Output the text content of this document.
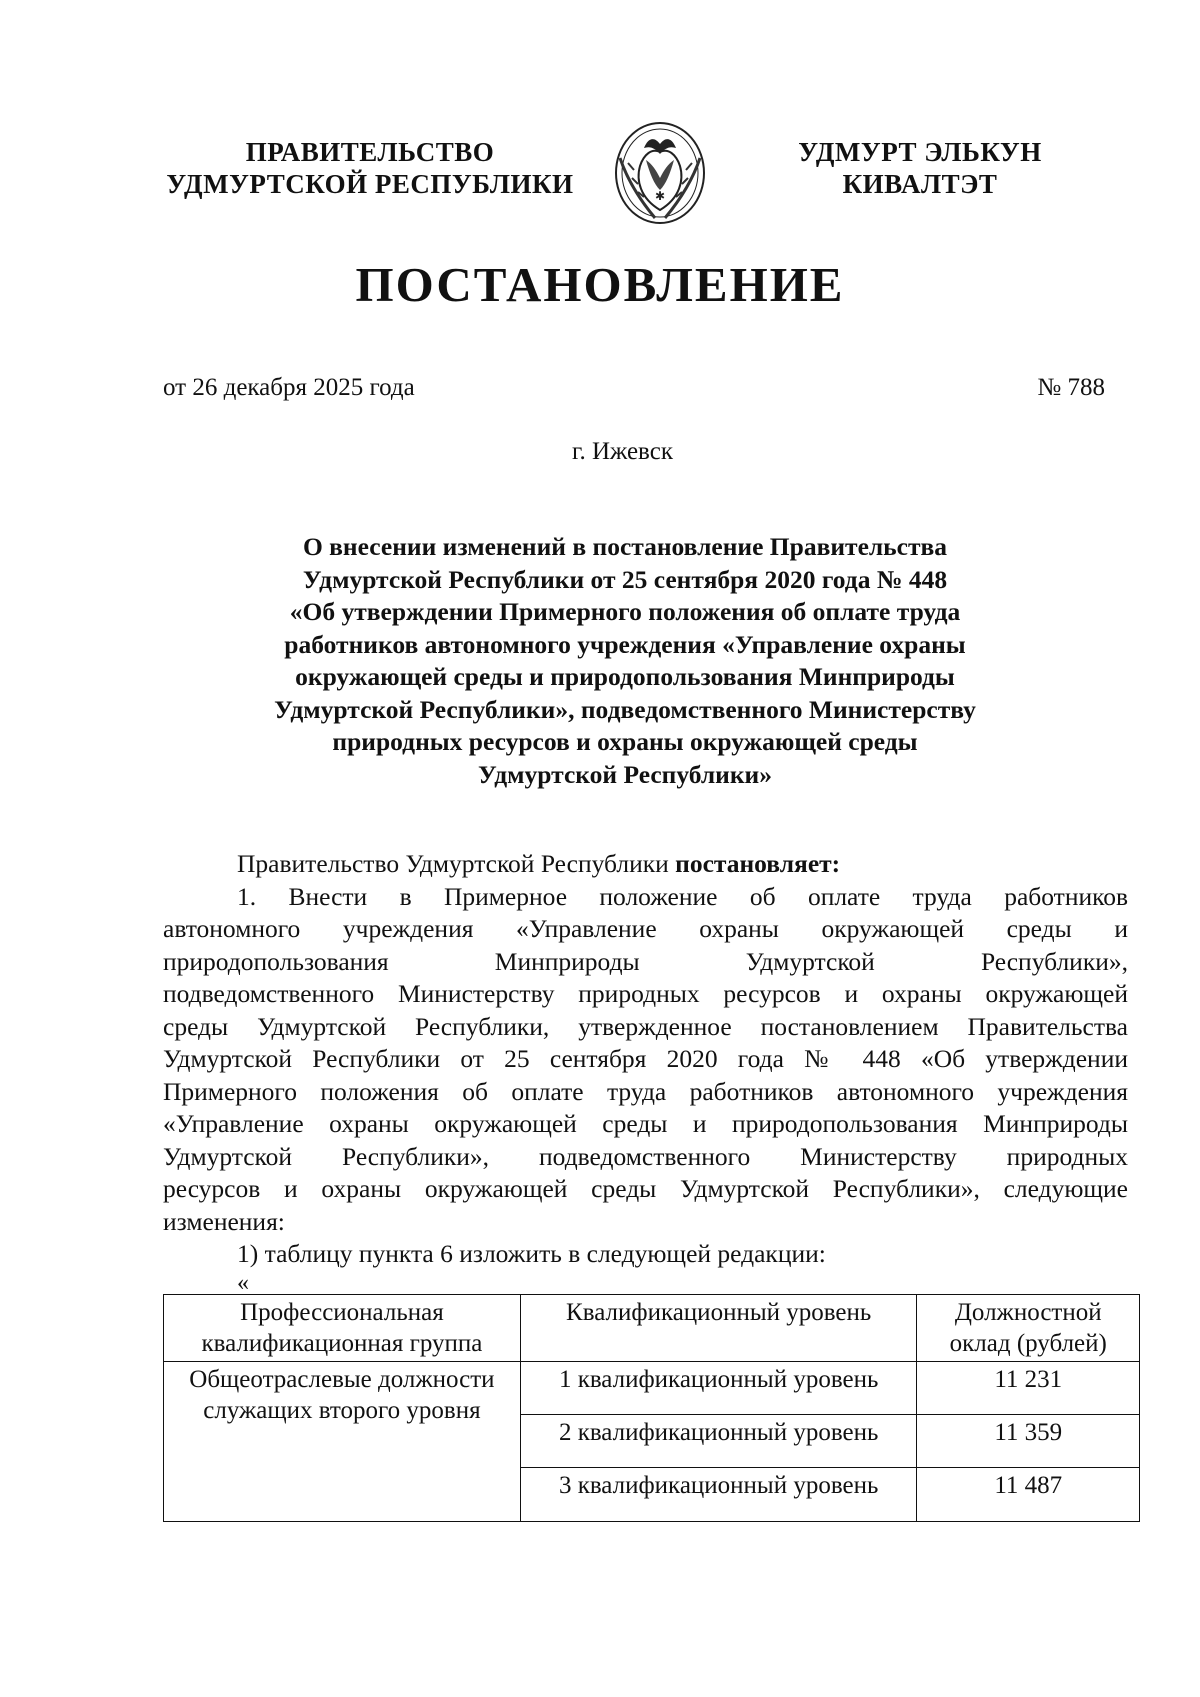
ПРАВИТЕЛЬСТВО
УДМУРТСКОЙ РЕСПУБЛИКИ	✱
УДМУРТ ЭЛЬКУН
КИВАЛТЭТ
ПОСТАНОВЛЕНИЕ
от 26 декабря 2025 года	№ 788
г. Ижевск
О внесении изменений в постановление Правительства
Удмуртской Республики от 25 сентября 2020 года № 448
«Об утверждении Примерного положения об оплате труда
работников автономного учреждения «Управление охраны
окружающей среды и природопользования Минприроды
Удмуртской Республики», подведомственного Министерству
природных ресурсов и охраны окружающей среды
Удмуртской Республики»
Правительство Удмуртской Республики постановляет:
1. Внести в Примерное положение об оплате труда работников
автономного учреждения «Управление охраны окружающей среды и
природопользования Минприроды Удмуртской Республики»,
подведомственного Министерству природных ресурсов и охраны окружающей
среды Удмуртской Республики, утвержденное постановлением Правительства
Удмуртской Республики от 25 сентября 2020 года № 448 «Об утверждении
Примерного положения об оплате труда работников автономного учреждения
«Управление охраны окружающей среды и природопользования Минприроды
Удмуртской Республики», подведомственного Министерству природных
ресурсов и охраны окружающей среды Удмуртской Республики», следующие
изменения:
1) таблицу пункта 6 изложить в следующей редакции:
«
Профессиональная квалификационная группа	Квалификационный уровень	Должностной оклад (рублей)
Общеотраслевые должности служащих второго уровня	1 квалификационный уровень	11 231
	2 квалификационный уровень	11 359
	3 квалификационный уровень	11 487
